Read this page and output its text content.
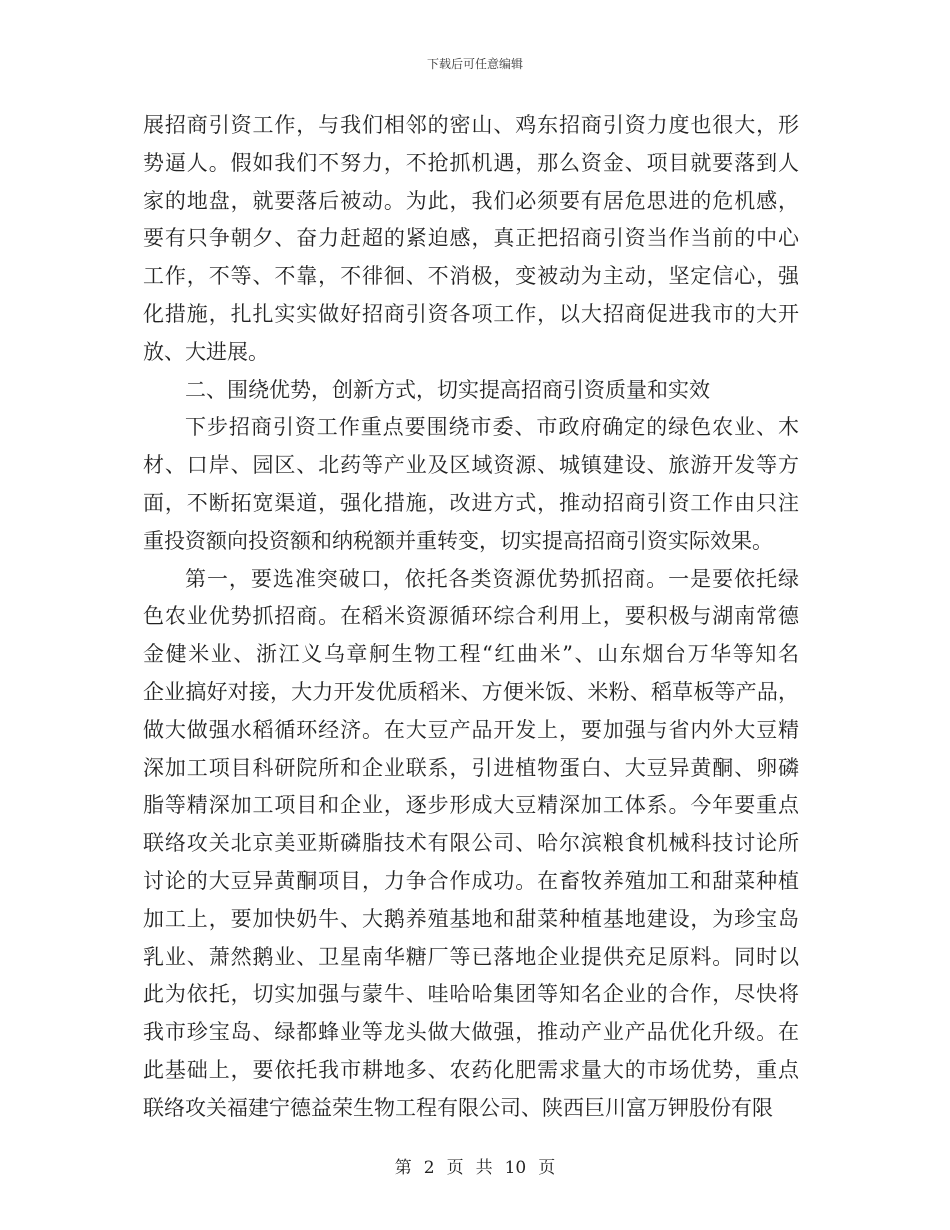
下载后可任意编辑
展招商引资工作，与我们相邻的密山、鸡东招商引资力度也很大，形
势逼人。假如我们不努力，不抢抓机遇，那么资金、项目就要落到人
家的地盘，就要落后被动。为此，我们必须要有居危思进的危机感，
要有只争朝夕、奋力赶超的紧迫感，真正把招商引资当作当前的中心
工作，不等、不靠，不徘徊、不消极，变被动为主动，坚定信心，强
化措施，扎扎实实做好招商引资各项工作，以大招商促进我市的大开
放、大进展。
二、围绕优势，创新方式，切实提高招商引资质量和实效
下步招商引资工作重点要围绕市委、市政府确定的绿色农业、木
材、口岸、园区、北药等产业及区域资源、城镇建设、旅游开发等方
面，不断拓宽渠道，强化措施，改进方式，推动招商引资工作由只注
重投资额向投资额和纳税额并重转变，切实提高招商引资实际效果。
第一，要选准突破口，依托各类资源优势抓招商。一是要依托绿
色农业优势抓招商。在稻米资源循环综合利用上，要积极与湖南常德
金健米业、浙江义乌章舸生物工程“红曲米”、山东烟台万华等知名
企业搞好对接，大力开发优质稻米、方便米饭、米粉、稻草板等产品，
做大做强水稻循环经济。在大豆产品开发上，要加强与省内外大豆精
深加工项目科研院所和企业联系，引进植物蛋白、大豆异黄酮、卵磷
脂等精深加工项目和企业，逐步形成大豆精深加工体系。今年要重点
联络攻关北京美亚斯磷脂技术有限公司、哈尔滨粮食机械科技讨论所
讨论的大豆异黄酮项目，力争合作成功。在畜牧养殖加工和甜菜种植
加工上，要加快奶牛、大鹅养殖基地和甜菜种植基地建设，为珍宝岛
乳业、萧然鹅业、卫星南华糖厂等已落地企业提供充足原料。同时以
此为依托，切实加强与蒙牛、哇哈哈集团等知名企业的合作，尽快将
我市珍宝岛、绿都蜂业等龙头做大做强，推动产业产品优化升级。在
此基础上，要依托我市耕地多、农药化肥需求量大的市场优势，重点
联络攻关福建宁德益荣生物工程有限公司、陕西巨川富万钾股份有限
第 2 页 共 10 页
